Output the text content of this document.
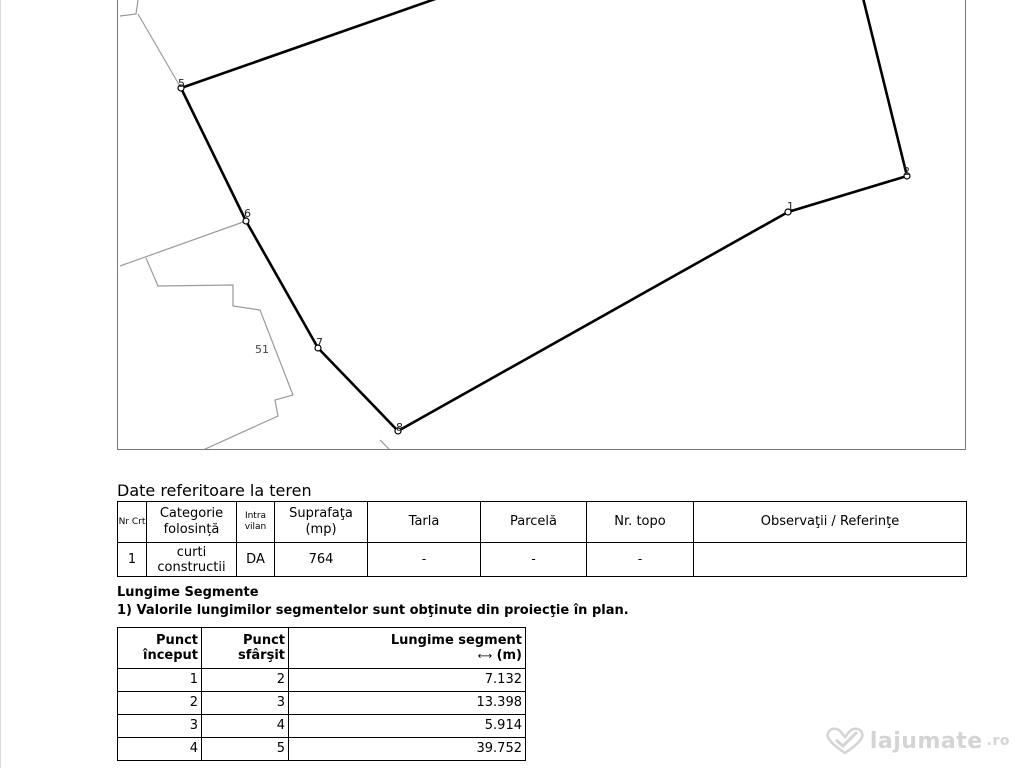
5
6
7
8
1
2
51
Date referitoare la teren
Nr Crt	Categorie folosință	Intra vilan	Suprafaţa (mp)	Tarla	Parcelă	Nr. topo	Observaţii / Referinţe
1	curti constructii	DA	764	-	-	-	
Lungime Segmente
1) Valorile lungimilor segmentelor sunt obţinute din proiecţie în plan.
Punct început	Punct sfârşit	Lungime segment
⟷ (m)
1	2	7.132
2	3	13.398
3	4	5.914
4	5	39.752	lajumate .ro
